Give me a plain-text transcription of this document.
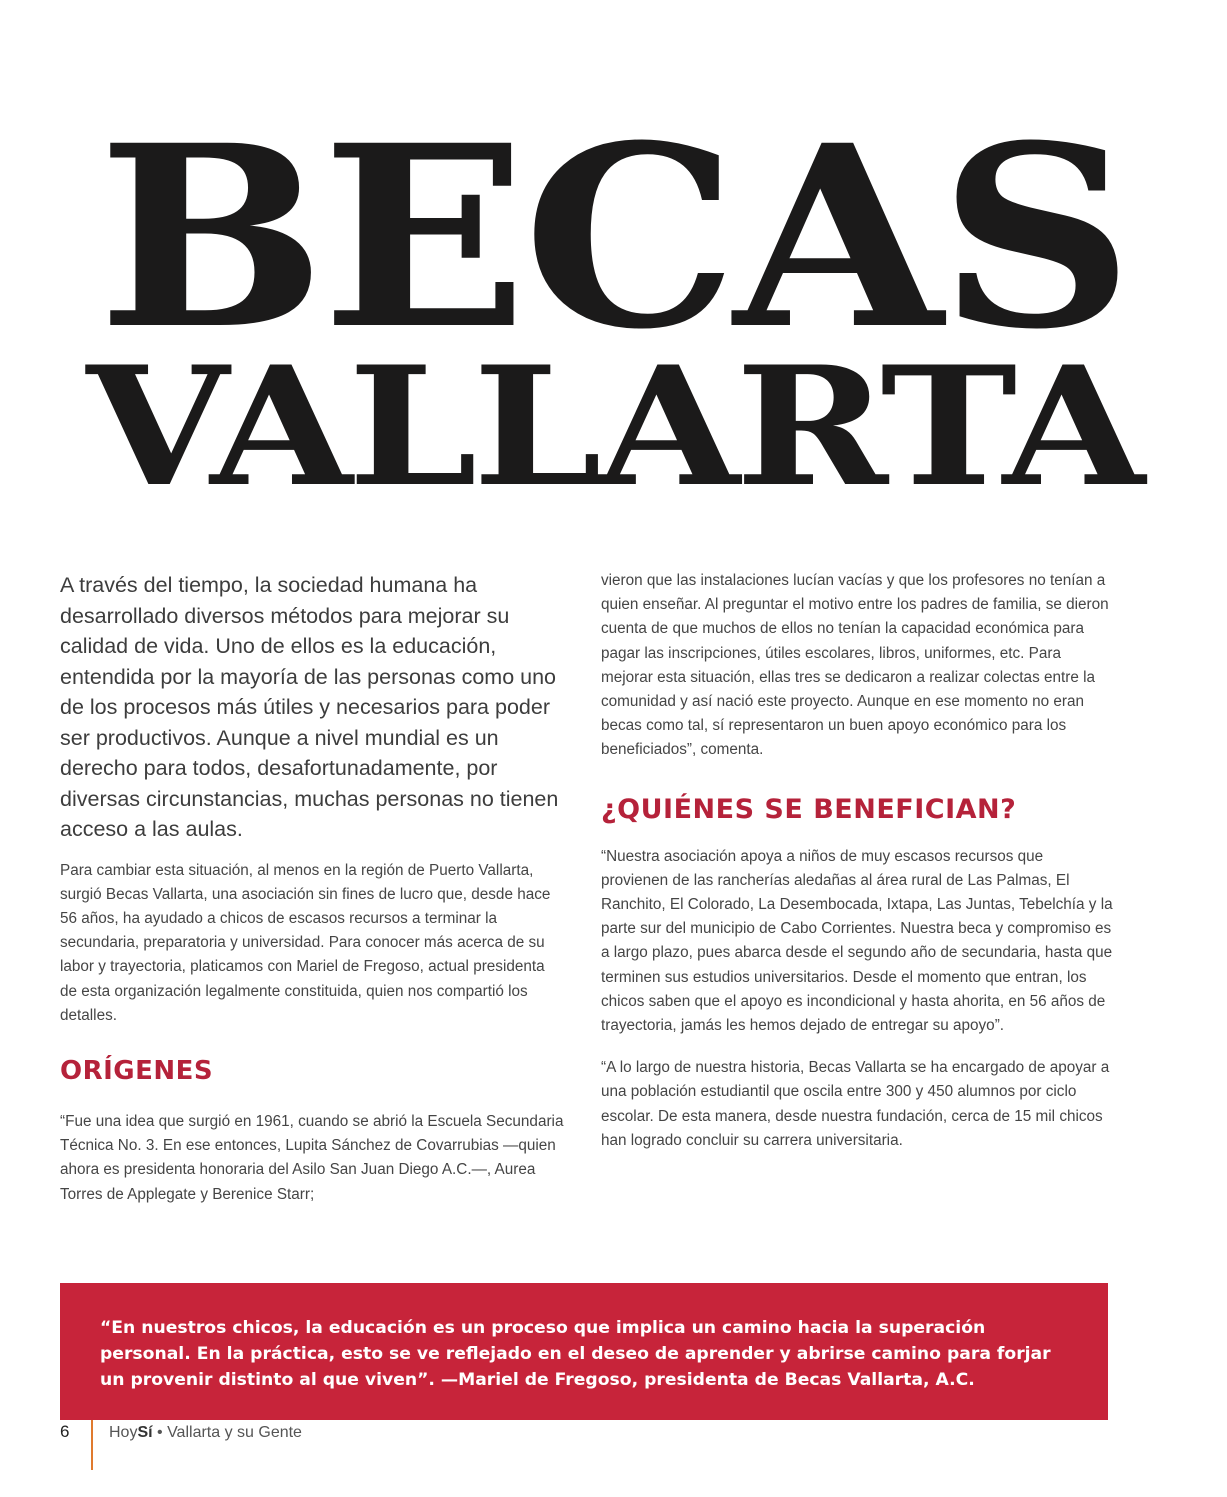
BECAS
VALLARTA

A través del tiempo, la sociedad humana ha desarrollado diversos métodos para mejorar su calidad de vida. Uno de ellos es la educación, entendida por la mayoría de las personas como uno de los procesos más útiles y necesarios para poder ser productivos. Aunque a nivel mundial es un derecho para todos, desafortunadamente, por diversas circunstancias, muchas personas no tienen acceso a las aulas.

Para cambiar esta situación, al menos en la región de Puerto Vallarta, surgió Becas Vallarta, una asociación sin fines de lucro que, desde hace 56 años, ha ayudado a chicos de escasos recursos a terminar la secundaria, preparatoria y universidad. Para conocer más acerca de su labor y trayectoria, platicamos con Mariel de Fregoso, actual presidenta de esta organización legalmente constituida, quien nos compartió los detalles.

ORÍGENES

“Fue una idea que surgió en 1961, cuando se abrió la Escuela Secundaria Técnica No. 3. En ese entonces, Lupita Sánchez de Covarrubias —quien ahora es presidenta honoraria del Asilo San Juan Diego A.C.—, Aurea Torres de Applegate y Berenice Starr;

vieron que las instalaciones lucían vacías y que los profesores no tenían a quien enseñar. Al preguntar el motivo entre los padres de familia, se dieron cuenta de que muchos de ellos no tenían la capacidad económica para pagar las inscripciones, útiles escolares, libros, uniformes, etc. Para mejorar esta situación, ellas tres se dedicaron a realizar colectas entre la comunidad y así nació este proyecto. Aunque en ese momento no eran becas como tal, sí representaron un buen apoyo económico para los beneficiados”, comenta.

¿QUIÉNES SE BENEFICIAN?

“Nuestra asociación apoya a niños de muy escasos recursos que provienen de las rancherías aledañas al área rural de Las Palmas, El Ranchito, El Colorado, La Desembocada, Ixtapa, Las Juntas, Tebelchía y la parte sur del municipio de Cabo Corrientes. Nuestra beca y compromiso es a largo plazo, pues abarca desde el segundo año de secundaria, hasta que terminen sus estudios universitarios. Desde el momento que entran, los chicos saben que el apoyo es incondicional y hasta ahorita, en 56 años de trayectoria, jamás les hemos dejado de entregar su apoyo”.

“A lo largo de nuestra historia, Becas Vallarta se ha encargado de apoyar a una población estudiantil que oscila entre 300 y 450 alumnos por ciclo escolar. De esta manera, desde nuestra fundación, cerca de 15 mil chicos han logrado concluir su carrera universitaria.

“En nuestros chicos, la educación es un proceso que implica un camino hacia la superación personal. En la práctica, esto se ve reflejado en el deseo de aprender y abrirse camino para forjar un provenir distinto al que viven”. —Mariel de Fregoso, presidenta de Becas Vallarta, A.C.

6 HoySí • Vallarta y su Gente
